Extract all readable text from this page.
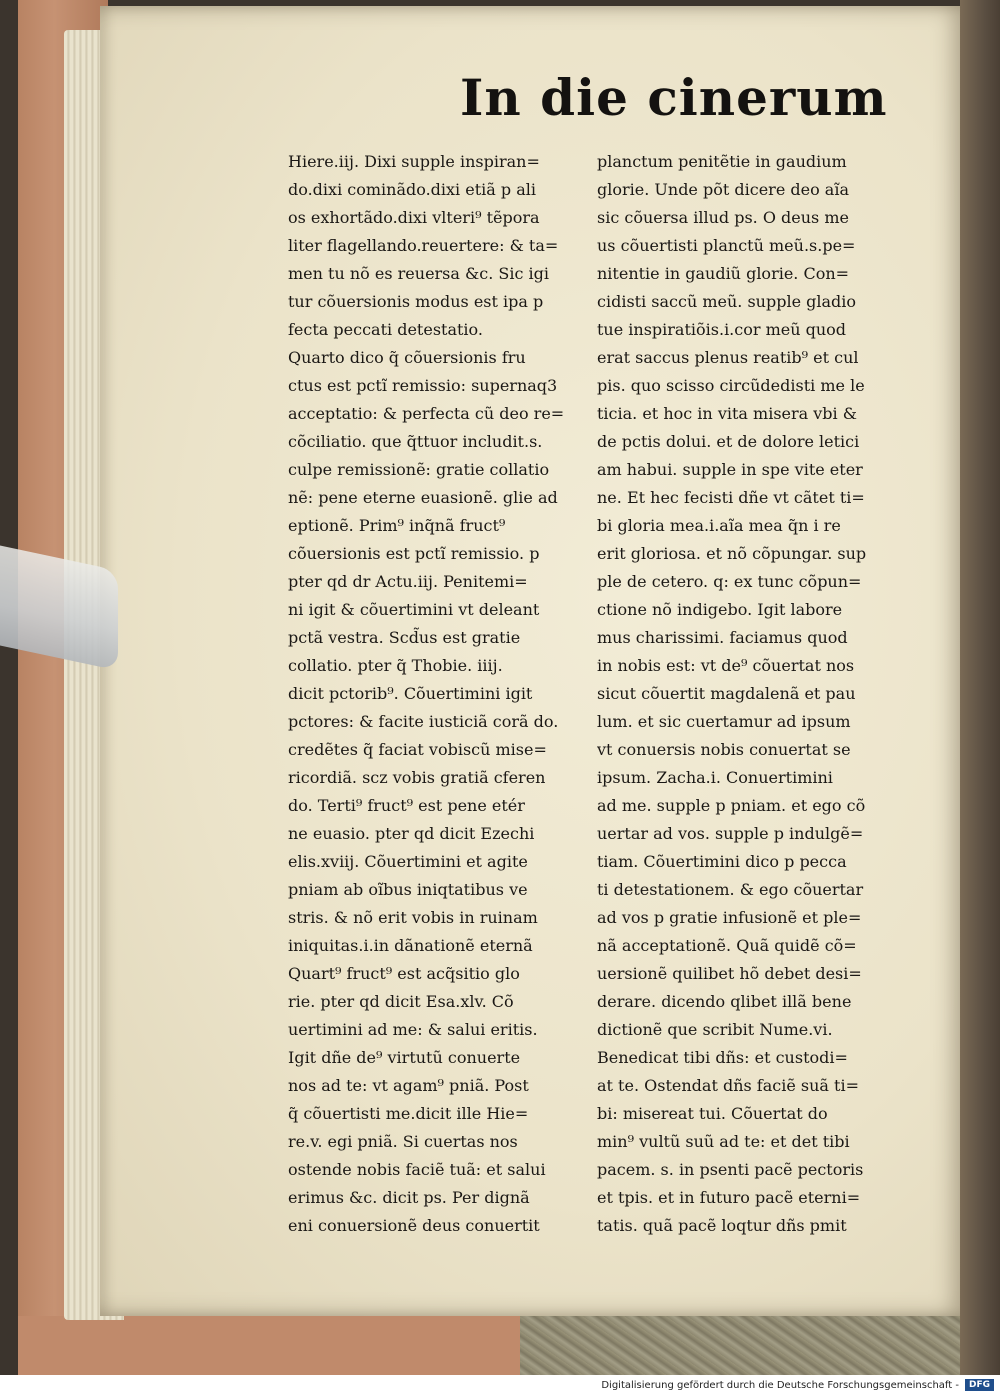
In die cinerum
Hiere.iij. Dixi supple inspiran=
do.dixi cominãdo.dixi etiã p ali
os exhortãdo.dixi vlteri⁹ tẽpora
liter flagellando.reuertere: & ta=
men tu nõ es reuersa &c. Sic igi
tur cõuersionis modus est ipa p
fecta peccati detestatio.
Quarto dico q̃ cõuersionis fru
ctus est pctĩ remissio: supernaq3
acceptatio: & perfecta cũ deo re=
cõciliatio. que q̃ttuor includit.s.
culpe remissionẽ: gratie collatio
nẽ: pene eterne euasionẽ. glie ad
eptionẽ. Prim⁹ inq̃nã fruct⁹
cõuersionis est pctĩ remissio. p
pter qd dr Actu.iij. Penitemi=
ni igit & cõuertimini vt deleant
pctã vestra. Scd̃us est gratie
collatio. pter q̃ Thobie. iiij.
dicit pctorib⁹. Cõuertimini igit
pctores: & facite iusticiã corã do.
credẽtes q̃ faciat vobiscũ mise=
ricordiã. scz vobis gratiã cferen
do. Terti⁹ fruct⁹ est pene etér
ne euasio. pter qd dicit Ezechi
elis.xviij. Cõuertimini et agite
pniam ab oĩbus iniqtatibus ve
stris. & nõ erit vobis in ruinam
iniquitas.i.in dãnationẽ eternã
Quart⁹ fruct⁹ est acq̃sitio glo
rie. pter qd dicit Esa.xlv. Cõ
uertimini ad me: & salui eritis.
Igit dñe de⁹ virtutũ conuerte
nos ad te: vt agam⁹ pniã. Post
q̃ cõuertisti me.dicit ille Hie=
re.v. egi pniã. Si cuertas nos
ostende nobis faciẽ tuã: et salui
erimus &c. dicit ps. Per dignã
eni conuersionẽ deus conuertit
planctum penitẽtie in gaudium
glorie. Unde põt dicere deo aĩa
sic cõuersa illud ps. O deus me
us cõuertisti planctũ meũ.s.pe=
nitentie in gaudiũ glorie. Con=
cidisti saccũ meũ. supple gladio
tue inspiratiõis.i.cor meũ quod
erat saccus plenus reatib⁹ et cul
pis. quo scisso circũdedisti me le
ticia. et hoc in vita misera vbi &
de pctis dolui. et de dolore letici
am habui. supple in spe vite eter
ne. Et hec fecisti dñe vt cãtet ti=
bi gloria mea.i.aĩa mea q̃n i re
erit gloriosa. et nõ cõpungar. sup
ple de cetero. q: ex tunc cõpun=
ctione nõ indigebo. Igit labore
mus charissimi. faciamus quod
in nobis est: vt de⁹ cõuertat nos
sicut cõuertit magdalenã et pau
lum. et sic cuertamur ad ipsum
vt conuersis nobis conuertat se
ipsum. Zacha.i. Conuertimini
ad me. supple p pniam. et ego cõ
uertar ad vos. supple p indulgẽ=
tiam. Cõuertimini dico p pecca
ti detestationem. & ego cõuertar
ad vos p gratie infusionẽ et ple=
nã acceptationẽ. Quã quidẽ cõ=
uersionẽ quilibet hõ debet desi=
derare. dicendo qlibet illã bene
dictionẽ que scribit Nume.vi.
Benedicat tibi dñs: et custodi=
at te. Ostendat dñs faciẽ suã ti=
bi: misereat tui. Cõuertat do
min⁹ vultũ suũ ad te: et det tibi
pacem. s. in psenti pacẽ pectoris
et tpis. et in futuro pacẽ eterni=
tatis. quã pacẽ loqtur dñs pmit
Digitalisierung gefördert durch die Deutsche Forschungsgemeinschaft -	DFG
